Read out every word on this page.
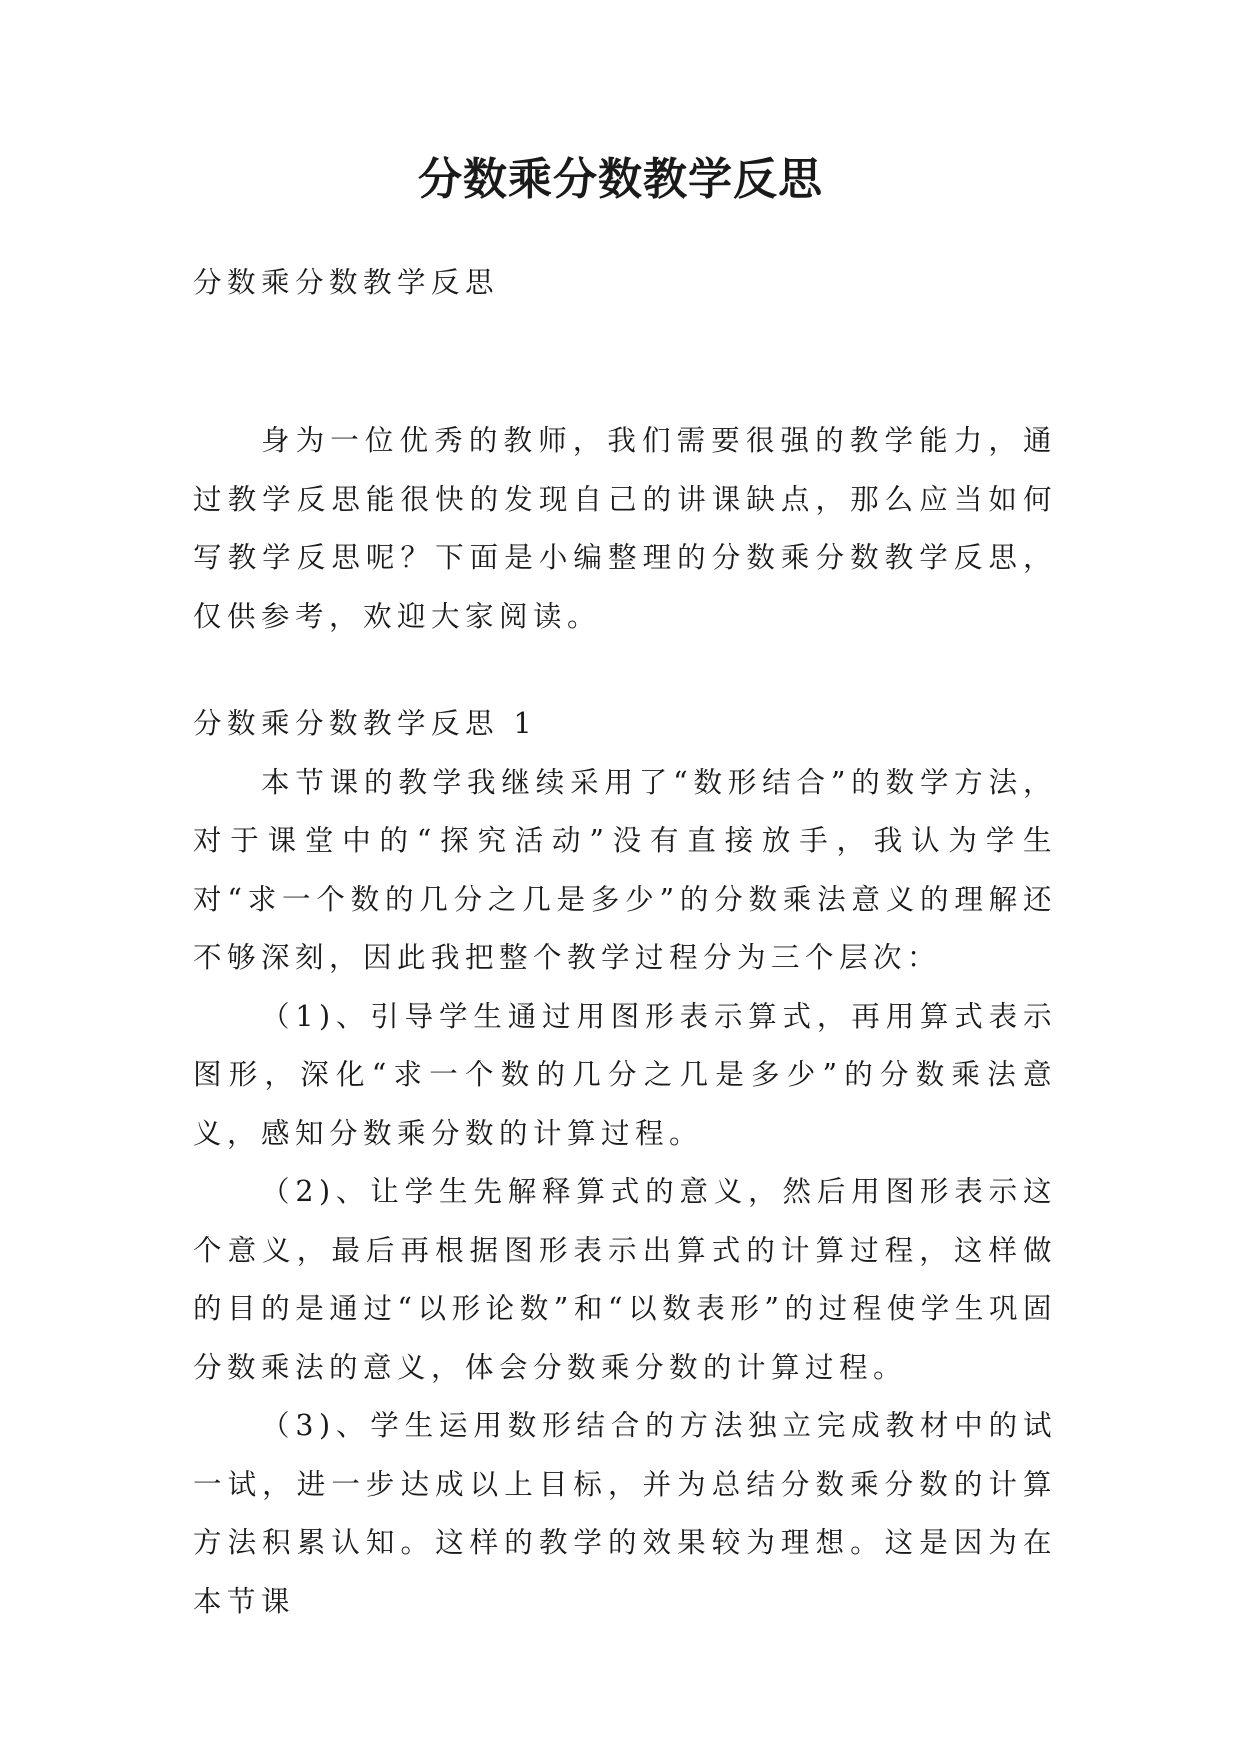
分数乘分数教学反思

分数乘分数教学反思

身为一位优秀的教师，我们需要很强的教学能力，通过教学反思能很快的发现自己的讲课缺点，那么应当如何写教学反思呢？下面是小编整理的分数乘分数教学反思，仅供参考，欢迎大家阅读。

分数乘分数教学反思 1

本节课的教学我继续采用了“数形结合”的数学方法，对于课堂中的“探究活动”没有直接放手，我认为学生对“求一个数的几分之几是多少”的分数乘法意义的理解还不够深刻，因此我把整个教学过程分为三个层次：

（1)、引导学生通过用图形表示算式，再用算式表示图形，深化“求一个数的几分之几是多少”的分数乘法意义，感知分数乘分数的计算过程。

（2)、让学生先解释算式的意义，然后用图形表示这个意义，最后再根据图形表示出算式的计算过程，这样做的目的是通过“以形论数”和“以数表形”的过程使学生巩固分数乘法的意义，体会分数乘分数的计算过程。

（3)、学生运用数形结合的方法独立完成教材中的试一试，进一步达成以上目标，并为总结分数乘分数的计算方法积累认知。这样的教学的效果较为理想。这是因为在本节课
